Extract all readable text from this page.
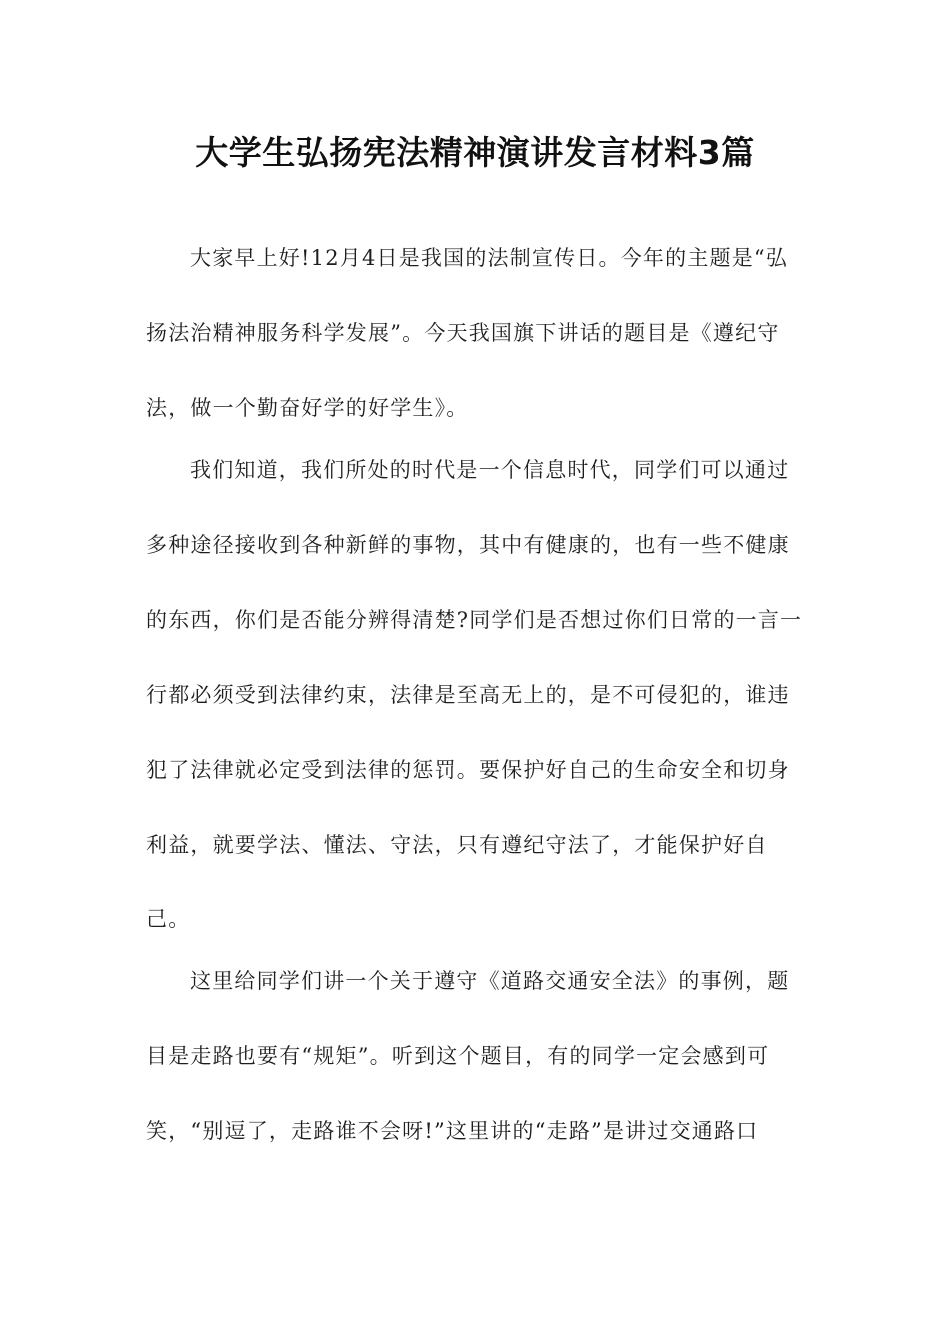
大学生弘扬宪法精神演讲发言材料3篇
大家早上好!12月4日是我国的法制宣传日。今年的主题是“弘
扬法治精神服务科学发展”。今天我国旗下讲话的题目是《遵纪守
法，做一个勤奋好学的好学生》。
我们知道，我们所处的时代是一个信息时代，同学们可以通过
多种途径接收到各种新鲜的事物，其中有健康的，也有一些不健康
的东西，你们是否能分辨得清楚?同学们是否想过你们日常的一言一
行都必须受到法律约束，法律是至高无上的，是不可侵犯的，谁违
犯了法律就必定受到法律的惩罚。要保护好自己的生命安全和切身
利益，就要学法、懂法、守法，只有遵纪守法了，才能保护好自
己。
这里给同学们讲一个关于遵守《道路交通安全法》的事例，题
目是走路也要有“规矩”。听到这个题目，有的同学一定会感到可
笑，“别逗了，走路谁不会呀!”这里讲的“走路”是讲过交通路口
